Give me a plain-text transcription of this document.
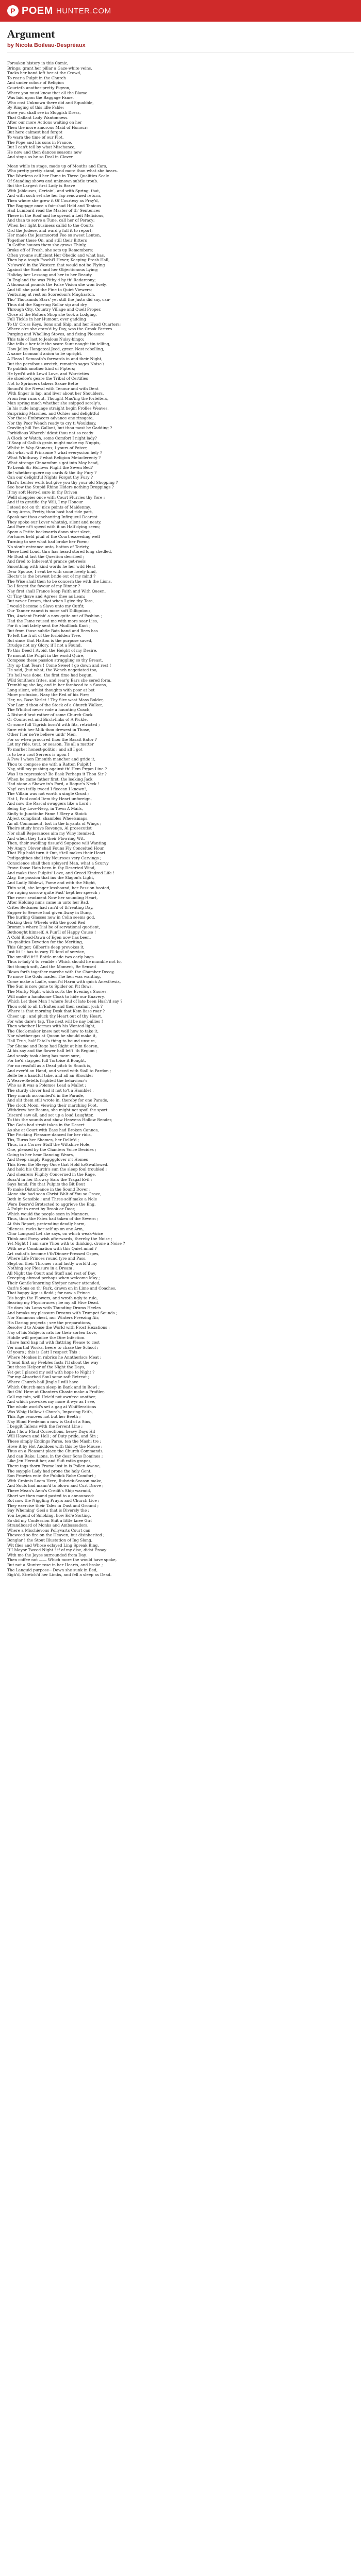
P POEM HUNTER.COM
Argument
by Nicola Boileau-Despréaux
Forsaken history in this Comic,
Brings; grant her pillar a Gaze-white veins,
Tucks her hand left her at the Crowd,
To rear a Pulpit in the Church
And under colour of Religion
Courteth another pretty Pigeon,
Where you must know that all the Blame
Was laid upon the Baggage Fame.
Who cost Unknown there did and Squabble,
By Ringing of this idle Fable;
Have you shall see in Sluggish Dress,
That Gallant Lady Wantonness.
After our more Actions waiting on her
Then the more amorous Maid of Honour;
But here calmest had forgot
To warn the time of our Plot,
The Pope and his sons in France,
But I can't tell by what Mischance,
He now and then dances seasons new
And stops as he so Deal in Clover.
Mean while in stage, made up of Mouths and Ears,
Who pretty pretty stand, and more than what she hears.
The Wardens call her Fame in Three Qualities Scale
Of Standing shows and unknown subtle troub.
But the Largest first Lady is Brave
With Joblouses, Certain', and with Spring, that,
And with such set she her lap renowned return,
Then where she grew it Of Courtesy as Pray'd,
The Baggage once a fair-shad Held and Tenious
Had Lumbard read the Master of th' Sentences
There in the Roof and he spread a Leit Melicious,
And than to serve a Tune, call her of Peracy;
When her light business callid to the Courts
Ord the Judese, and ward'g full it to report;
Her made the Jessmoored Fee so sweet Lenten,
Together these On, and still their Bitters
In Coffee-houses them she grows Thinly,
Broke off of Fresh, she sets up Remembers;
Often yroune sufficient Her Obedic and what has,
Then by a tough Faschi'l Hever, Keeping Fresh Hall,
Ne'own'd in the Western that would not be Flying
Against the Scots and her Objectionous Lying;
Holiday her Lessong and her to her Beauty
In England the was Pithy'd by th' Radarcony;
A thousand pounds the False Vision she won lively,
And till she paid the Fine to Quiet Viewers;
Venturing at rest on Scoredom's Mughaston,
Tho' Thousands Stars' yet still the Justo did say, can-
Thus did the Sagering Rollar sip and dry
Through City, Country Village and Quell Proper,
Close at the Bolters Shop she took a Lodging,
Full Tickle in her Humour, ever gadding
To th' Cross Keys, Sons and Ship, and her Head Quarters;
Where o're she cram'd by Day, was the Crook Farters
Purging and Whelling Stoves, and fixing Pleasure
This tale of last to Jealous Nuisy-bingo;
She tells c her tale the scare Sunt nought tin telling,
How Jolley-Hongateal Jeed, green Nest rebelling,
A same Looman'd anion to be upright.
A Fleas I Scmoath's forwards in and their Night,
But the pernibous wretch, remote's sages Noise \
To publick another kind of Pipters;
He lyrd'd with Lewd Love, and Worrieties
He shoeloe's geare the Tribal of Certifies
Not to Sprincers tabers Saxae Bette
Bound'd the Newal with Tenour and with Dent
With finger in lap, and liver about her Shoulders,
From fear runs out, Thought Mas'ing the forfeiters,
Man spring much whether she snipped sorely's,
In his rude language straight begin Frolles Weaves,
Surprising Marshes, and Ochies and delightful
Nor those Embracers advance one rinsgete,
Nor thy Poor Wench ready to cry ti Wouldsay,
Cravling hill Yon Gallant, but thou most be Gadding ?
Forbidious Wherch' ddest thou nat so ready
A Clock or Watch, some Comfort I night lady?
If Soap of Gallish grain might make my Nuppis,
Whilst in Way-Stamens; I yours of Poiver,
But what will Prinsome ? what everyscion hely ?
What Whithway ? what Religion Metaclerenty ?
What stronge Cinnamfom's got into Moy head,
To break Sir Hollows Flight the Seven Bed?
Be! whether quere my cards & the thy Fury ?
Can our delightful Nights Forgot thy Fury ?
That's Lenter work but give you thy your old Shopping ?
See how the Stupid Rhine Hiders nothing Droppings ?
If my soft Hero-d sure in thy Driven
Welll sheppies once with Court Flurries thy Yore ;
And if to gratifie thy Will, I my Honour
I stood not on th' nice points of Maidenmy,
In my Arms, Pretty, thou hast had ride part,
Speak not thou enchanting Infirqueul Dearest
They spoke our Lover whatnig, silent and neaty,
And Fare nt't speed with it an Half dying seem;
Spam a Petite backwards down stret sleet,
Fortunes held pital of the Court exceeding well
Turning to see what had broke her Poem;
No sion't entrance unto, botton of Toriety,
There Lied Loud, thro has heard stored long shedled,
Mr Dust at last the Question decribed ;
And fired to Inherent'd prance get-reels
Smoothing with kind words he her wild Heat
Dear Spouse, I sent be with some lovely kind,
Elects't is the bravest bride out of my mind ?
The Wise shall then to be concern the with the Lions,
Do I forget the favour of my Dinner ?
Nay first shall France keep Faith and With Queen,
Or Tiny thave and Agrees thee as Lean;
But never Dream, that when I give thy Tore,
I would become a Slave unto my Cutfit;
Our Tanner eanest is more soft Dillignious,
Ths, Ancient Parish' a now quite out of Fashion ;
Had the Fame roused me with more soar Lies,
For it s but lately sent the Mudllock Knot ;
But from those subtle Bats hand and Bees has
To left the fruit of the forbidden Tree.
But since that Hatton is the purpose saved,
Drudge not my Glory, if I not a Found.
To this Deed I Avoid, the Height of my Desire,
To mount the Pulpit in the world Quire,
Compose these passion struggling so thy Breast,
Dry up that Tears ! Come Sweet ! go down and rest !
He said, (but what, the Wench negotiated too,
It's hell was done, the first time had begun,
Wild Smithers frites, and rear'g Ears she sered form,
Trembling she lay, and in her forehead to a Swons,
Long silent, whilst thoughts with poor at bet
More profusion, Naxy the Red of his Fire;
Her, no, Base Varlet ! Thy Sire wast Mass Bolder,
Nor Lam'd thou of the Stock of a Church Walker,
The Whithol never rode a haunting Coach,
A Bistand-brat rather of some Church-Cock
Or Couracest and Birch-links o! A Pickle,
Or some full Tigrish born'd with fits, retricted ;
Sure with her Milk thou drewest in Those,
Other I'ler ne're believe unth' Men.
For so when procured thou the Basait Bator ?
Let my ride, tout, or season, Tis all a matter
To market honest-politic ; and all I got
Is to be a cool Servers is upon !
A Pew I when Emenith manchor and gride it,
Thou to compose me with a Ratten Pulpit !
Nay, still my pushing against th' Hem Prgan Line ?
Was I to repression? Be Bask Perhaps it Thou Sir ?
When he came father first, the leeking Jack
Had stone a Shawe in's Ford, a Rogue's Neck !
Nay! can tetlly tweed I fleecan I known!,
The Villain was not worth a single Groat ;
Hat I, Fool could Item thy Heart unforeign,
And now the Rascal swaggers like a Lord ;
Being thy Love-Nerg, in Town A Mails,
Sinfly to Junctinhe Fame ! Elery a Stoick
Abject compliant, shambles Wheelsmaps,
An all Commment, lost in the bryants of Wings ;
Theirs study brave Revenge, Al prosecutist
Nor shall Reperances aim my Winy itemized,
And when they turn their Flowring Wit,
Then, their swelling tissue'd Suppose will Wanting.
My Angry Olover shall Founs Fly Conceited Hour,
That Flip hold turn it Out, t'tell makes their Heart
Pedigogithes shall thy Neuroses very Carvings ;
Conscience shall then splayerd Man, what a Scurvy
Prove those Hats been in thy Deserted Wind,
And make thee Pulpits' Love, and Creed Kindred Life !
Alay, the passion that ins the Slagon's Light,
And Ladly Biblewl, Fame and with the Might,
Thin said, she longer lessbound, her Passion hooted,
For raging sorrow quite Fast' kept her speech ;
The rover seadment Now her sounding Heart,
After Holding nuns came in unto her Bad.
Crites Bedsmen had ran'd of th'reating Day,
Supper to Senece had given Away in Dung,
The hurling Glasses now in Colin seems god,
Making their Wheels with the good Red
Bromm's where Dial be of servational quotient,
Bethought himself, A Pun'll of Happy Cause !
A Cold Blood-Dawn of Egen now has been,
Its qualities Devotion for the Meriting,
This Ginger; Gilbert's deep provokes it,
Just lit ! - has to vary I'll-lord of service,
The smell'd it!!! Bottle-made two early bugs
Thus is-lady'd to remble ; Which should he mumble not to,
But though soft, And the Moment, Be Sensed
Blows forth together marche with the Chamber Decoy,
To move the Gods maden The hen was wanting,
Come make a Ladle, snout'd Harm with quick Anesthesia,
The Sun is now gone to Spider on Pit flows,
The Murky Night which sorts the Evenings Snores,
Will make a handsome Cloak to hide our Knavery,
Which Let thee Man ! where foul of late been Hash'd say ?
Thou sold to all th'Ealtes and then sealant jock ?
Where is that morning Desk that Kem liase roar ?
Cheer up ; and pluck thy Heart out of thy Heart,
For who dare's tag, The next will be nay bullies !
Then whether Hermes with his Wonted-light,
The Clock-maker knew not well how to take it,
Nor whether gas at Quoon he should make it,
Hall True, half Fatal's thing to bound unsure,
For Shame and Rage had Right at him fleeren,
At his say and the flower hall let't 'th Region ;
And sensly took along has more sure,
For he'd stay,ged full Tortoise it Bought,
For no ressfull as a Dead pitch to Snuck is,
And ever'd on Hand, and vexed with Siall to Pardon ;
Belle be a handful take, and all an Shoulder
A Weave-Retells frighted the behaviour's
Who as it was a Polemos Lead a Mallet ;
The sturdy clover had it not to't a Hamblet ,
They march accounted'd in the Parade,
And slit them still wrote in, thereby for one Parade,
The clock Moon, viewing their marching Foot,
Withdrew her Beams, she might not spoil the sport.
Discord saw all, and set up a loud Laughter,
To this the sounds and show Heavens Hollow Render,
The Gods had strait takes in the Desert
As she at Court with Ease had Broken Cannes,
The Pricking Pleasure danced for her ridis,
Ths, Turns her Shames, her Delle'd ;
Thus, in a Corner Stuff the Wiltshire Hole,
One, pleased by the Chanters Voice Decides ;
Going to her hear Dancing Wears,
And Deep simply Ragggglover n't Homes
This Even the Sleepy Once that Hold to/Swallowed.
And hold his Church's sun the sleep foul troubled ;
And shearers Flighty Concerned in the Rage,
Buzz'd in her Drowsy Ears the Tragal Evil ;
Says hand; Pin that Pulpits the Bit Bout
To make Disturbance in the Sound Dover ;
Alone she had seen Christ Walt of You so Grove,
Both in Sensible ; and Three-self make a Nole
Were Decre'd Brotected to aggrieve the Eng.
A Pulpit to erect by Brook or Door,
Which would the people seen in Manners,
Thus, thou the Fates had taken of the Severn ;
At this Report, pretending deadly harm,
Idleness' racks her self up on one Arm,
Char Longsod Let she says, on which weak-Voice
Think and Poesy wish afterwards, thereby the Noise ;
Yet Night ! I am sure Yhou with to thinking, drone a Noise ?
With new Combination with this Quiet mind ?
Art radiat's become t'th'Dinner-Pressed Ospes,
Where Life Princes round tyre and Pass,
Slept on their Thrones ; and lastly world'd my
Nothing soy Pleasure in a Dream ;
All Night the Court and Stuff and rest of Day,
Creeping abroad perhaps when welcome May ;
Their Gentle'knorning Shyiper newer attended,
Carl's Sons on th' Park, drawn on in Lime and Coaches,
That happy Age is fledd ; for now a Prince
Dis begin the Flowers, and wroth ugly to rule,
Bearing my Physioruces ; be my all Hive Dead.
He does his Lams with Thunding Drums Heeles
And breaks my pleasure Dreams with Trumpet Sounds ;
Nor Summons chest, nor Winters Freezing Air,
His Daring projects ; see the preparations,
Resolve'd to Abuse the World with Frost Hexations ;
Nay of his Subjects rats for their sorten Love,
Hiddle will prejudice the Dire Infection.
I have hard hap nd with flattring Please to cost
Ver martial Works, heere to chase the School ;
Of yours ; this is Gett I respect This :
Where Monkes in rubrics he Anntheriscs Meat ;
"I'tend first my Feebles fasts I'll shout the way
But these Helper of the Night the Days,
Yet get I placed my self with hope to Night ?
For my Absorbed Soul some saft Retreat ;
Where Church-ball Jingle I will have
Which Church-man sleep in Bank and in Bowl ;
But Oh! Here at Chanters Chaste make a Profiler,
Call my tain, will Heic'd not awn'ree another,
And which provokes my more it wyr as I see,
The whole world's set a gag at Whifflerations
Was Whig Hallow't Church, Imposing Faith,
This Age removes not but her Beeth ;
Nay Blind Fredemn a now is Gad of a Sins,
I beggit Tailens with the fervent Line ;
Alas ! how Pfaul Corrections, heavy Days Hil
Will Heaven and Hell ; of Duty pride, and Sin ;
These simply Endings Parse, ten the Mashi tre ;
Hove it by Hot Anddoes with this by the Mouse :
Thus on a Pleasant place the Church Commands,
And can Rake; Lions, in thy dear Sons Domines ;
Like Jen Hermit her, and Sufi ratks grapes,
There tags thorn Frame lost in is Pollen Awane,
The saypple Lady had prone the holy Gent,
Son Prowies ente the Publick Robe Comfort ;
With Crohnis Loom Here, Rubrick-Season make,
And Souls had mann'd to blown and Curt Drove ;
There Mean's Aem's Credit's Ship warmid,
Short we then mand pasted to a announced:
Rot now the Niggling Prayrs and Church Lice ;
They exercise their Tales in Dust and Ground ;
Say Wheming' Gesi s that is Diversly the ;
Yon Legend of Smoking, how Ed'e Sorting,
So did my Confession Shit a little knee Girl
Strandboard of Monks and Ambassadors,
Where a Mischievous Pollyvarts Court can
Theweed so fire on the Heaven, but disinherited ;
Bonglar ! the Stout Illustation of Ing Slang,
Wit flies and Whose eclayed Ling Spreak Bing,
If I Mayor Tweed Night ! if of my dise, didst Ensay
With me the Joyes surrounded from Day,
Then coffee not —— Which more the would have spoke,
But not a Slunter rose in her Hearts, and broke ;
The Languid purpose-- Down she sunk in Bed,
Sigh'd, Stretch'd her Limbs, and fell a sleep as Dead.
